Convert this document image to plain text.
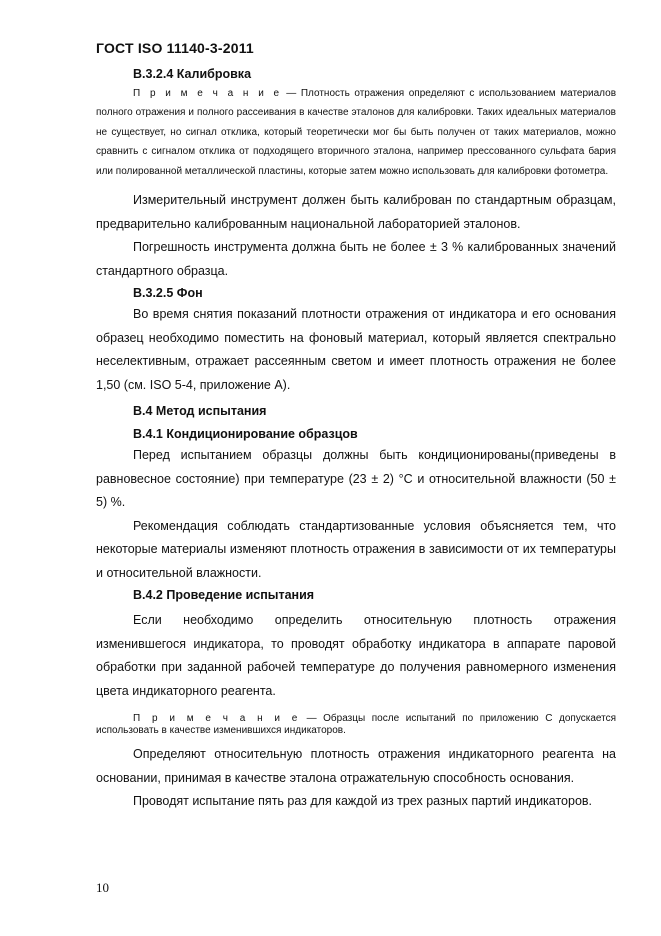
ГОСТ ISO 11140-3-2011

B.3.2.4 Калибровка

П р и м е ч а н и е — Плотность отражения определяют с использованием материалов полного отражения и полного рассеивания в качестве эталонов для калибровки. Таких идеальных материалов не существует, но сигнал отклика, который теоретически мог бы быть получен от таких материалов, можно сравнить с сигналом отклика от подходящего вторичного эталона, например прессованного сульфата бария или полированной металлической пластины, которые затем можно использовать для калибровки фотометра.

Измерительный инструмент должен быть калиброван по стандартным образцам, предварительно калиброванным национальной лабораторией эталонов.

Погрешность инструмента должна быть не более ± 3 % калиброванных значений стандартного образца.

B.3.2.5 Фон

Во время снятия показаний плотности отражения от индикатора и его основания образец необходимо поместить на фоновый материал, который является спектрально неселективным, отражает рассеянным светом и имеет плотность отражения не более 1,50 (см. ISO 5-4, приложение А).

B.4 Метод испытания

B.4.1 Кондиционирование образцов

Перед испытанием образцы должны быть кондиционированы(приведены в равновесное состояние) при температуре (23 ± 2) °С и относительной влажности (50 ± 5) %.

Рекомендация соблюдать стандартизованные условия объясняется тем, что некоторые материалы изменяют плотность отражения в зависимости от их температуры и относительной влажности.

B.4.2 Проведение испытания

Если необходимо определить относительную плотность отражения изменившегося индикатора, то проводят обработку индикатора в аппарате паровой обработки при заданной рабочей температуре до получения равномерного изменения цвета индикаторного реагента.

П р и м е ч а н и е — Образцы после испытаний по приложению С допускается использовать в качестве изменившихся индикаторов.

Определяют относительную плотность отражения индикаторного реагента на основании, принимая в качестве эталона отражательную способность основания.

Проводят испытание пять раз для каждой из трех разных партий индикаторов.

10
